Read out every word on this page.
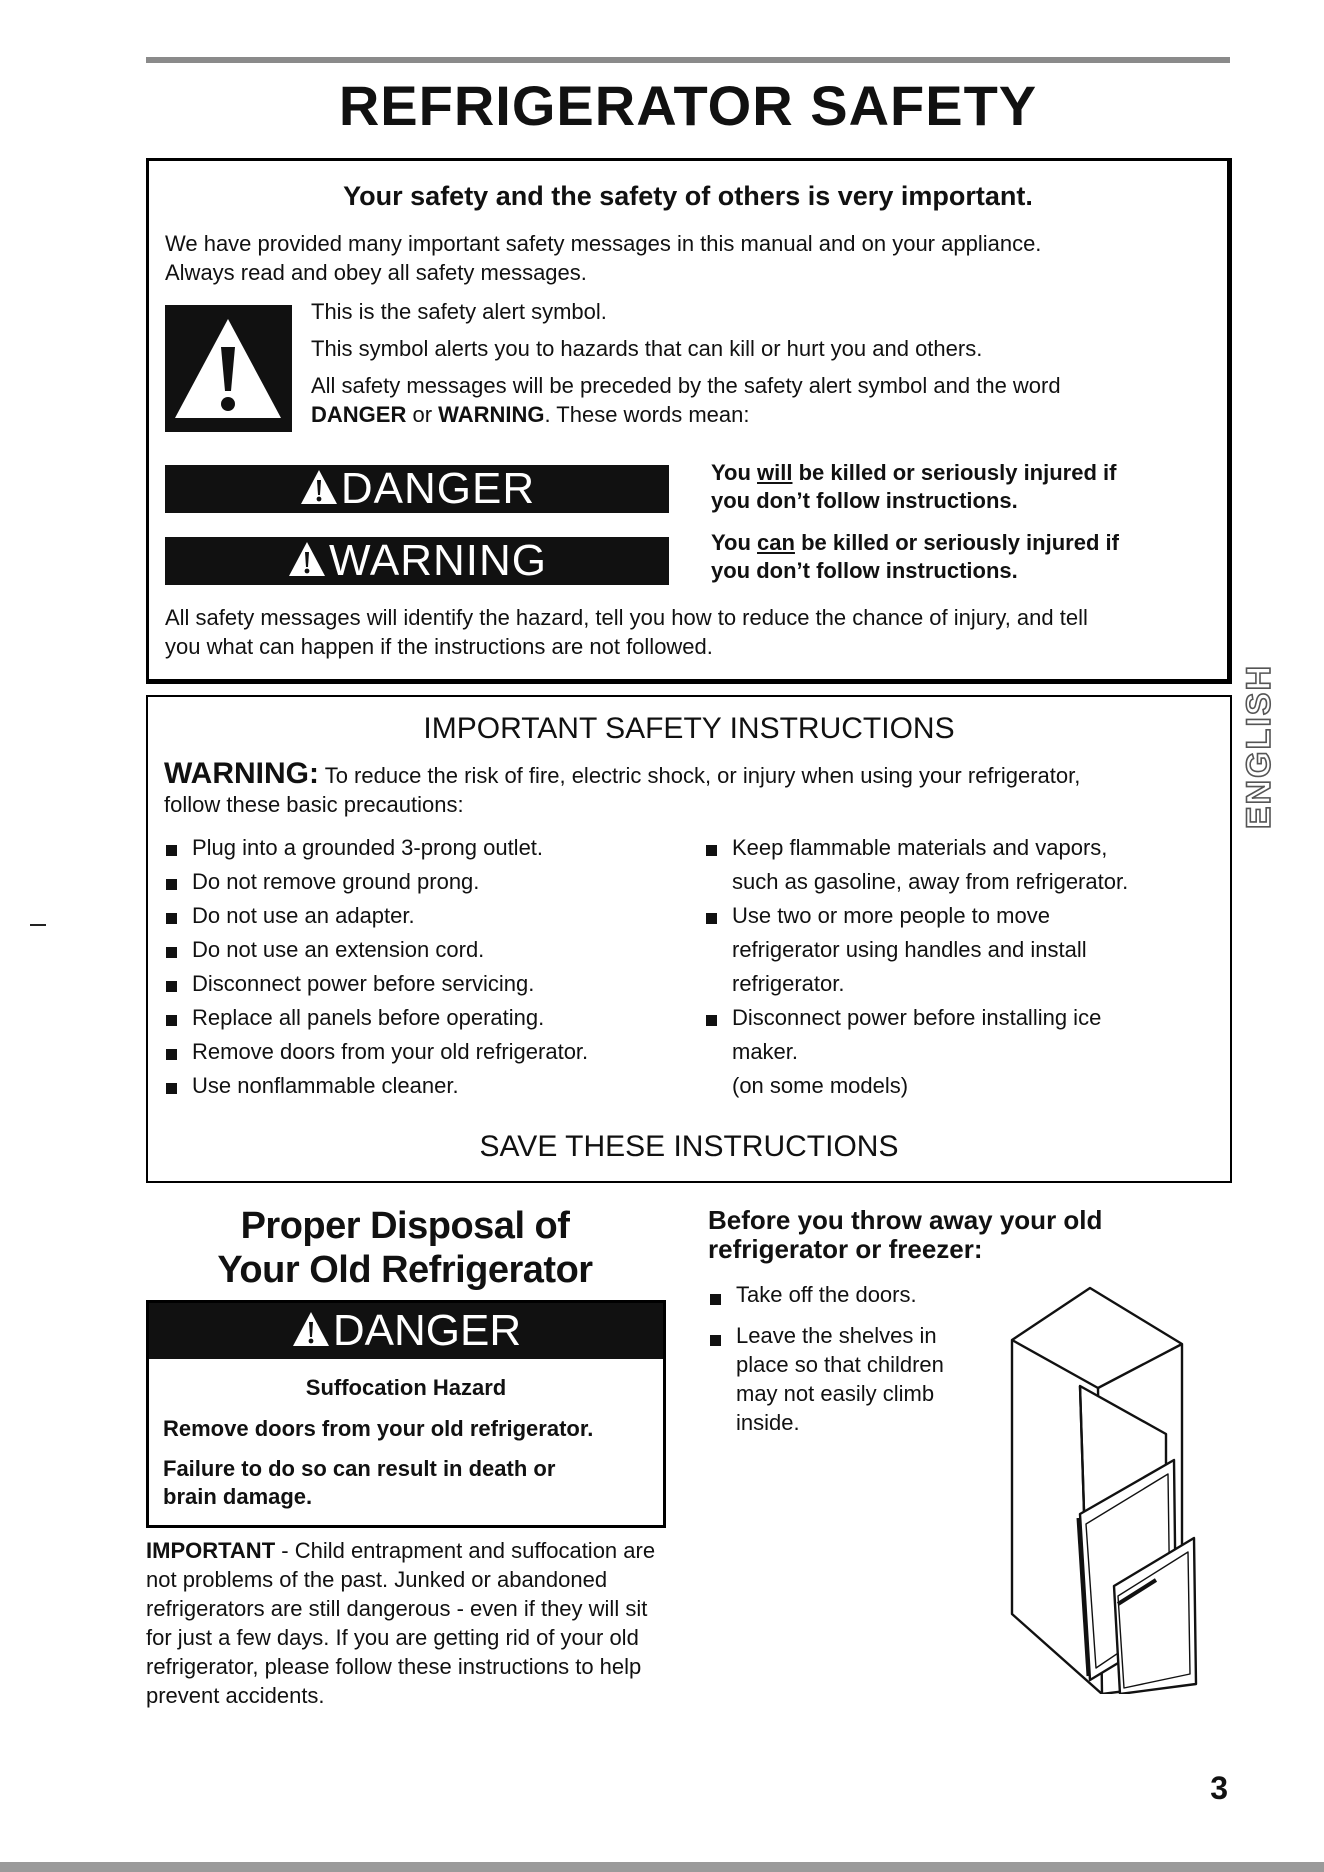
REFRIGERATOR SAFETY
Your safety and the safety of others is very important.
We have provided many important safety messages in this manual and on your appliance.
Always read and obey all safety messages.

This is the safety alert symbol.

This symbol alerts you to hazards that can kill or hurt you and others.

All safety messages will be preceded by the safety alert symbol and the word
DANGER or WARNING. These words mean:

DANGER	You will be killed or seriously injured if
you don’t follow instructions.
WARNING	You can be killed or seriously injured if
you don’t follow instructions.
All safety messages will identify the hazard, tell you how to reduce the chance of injury, and tell
you what can happen if the instructions are not followed.
IMPORTANT SAFETY INSTRUCTIONS
WARNING: To reduce the risk of fire, electric shock, or injury when using your refrigerator,
follow these basic precautions:
Plug into a grounded 3-prong outlet.
Do not remove ground prong.
Do not use an adapter.
Do not use an extension cord.
Disconnect power before servicing.
Replace all panels before operating.
Remove doors from your old refrigerator.
Use nonflammable cleaner.
Keep flammable materials and vapors,
such as gasoline, away from refrigerator.
Use two or more people to move
refrigerator using handles and install
refrigerator.
Disconnect power before installing ice
maker.
(on some models)
SAVE THESE INSTRUCTIONS
Proper Disposal of
Your Old Refrigerator
DANGER
Suffocation Hazard
Remove doors from your old refrigerator.
Failure to do so can result in death or
brain damage.
IMPORTANT - Child entrapment and suffocation are not problems of the past. Junked or abandoned refrigerators are still dangerous - even if they will sit for just a few days. If you are getting rid of your old refrigerator, please follow these instructions to help prevent accidents.
Before you throw away your old
refrigerator or freezer:
Take off the doors.
Leave the shelves in place so that children may not easily climb inside.
ENGLISH
3
